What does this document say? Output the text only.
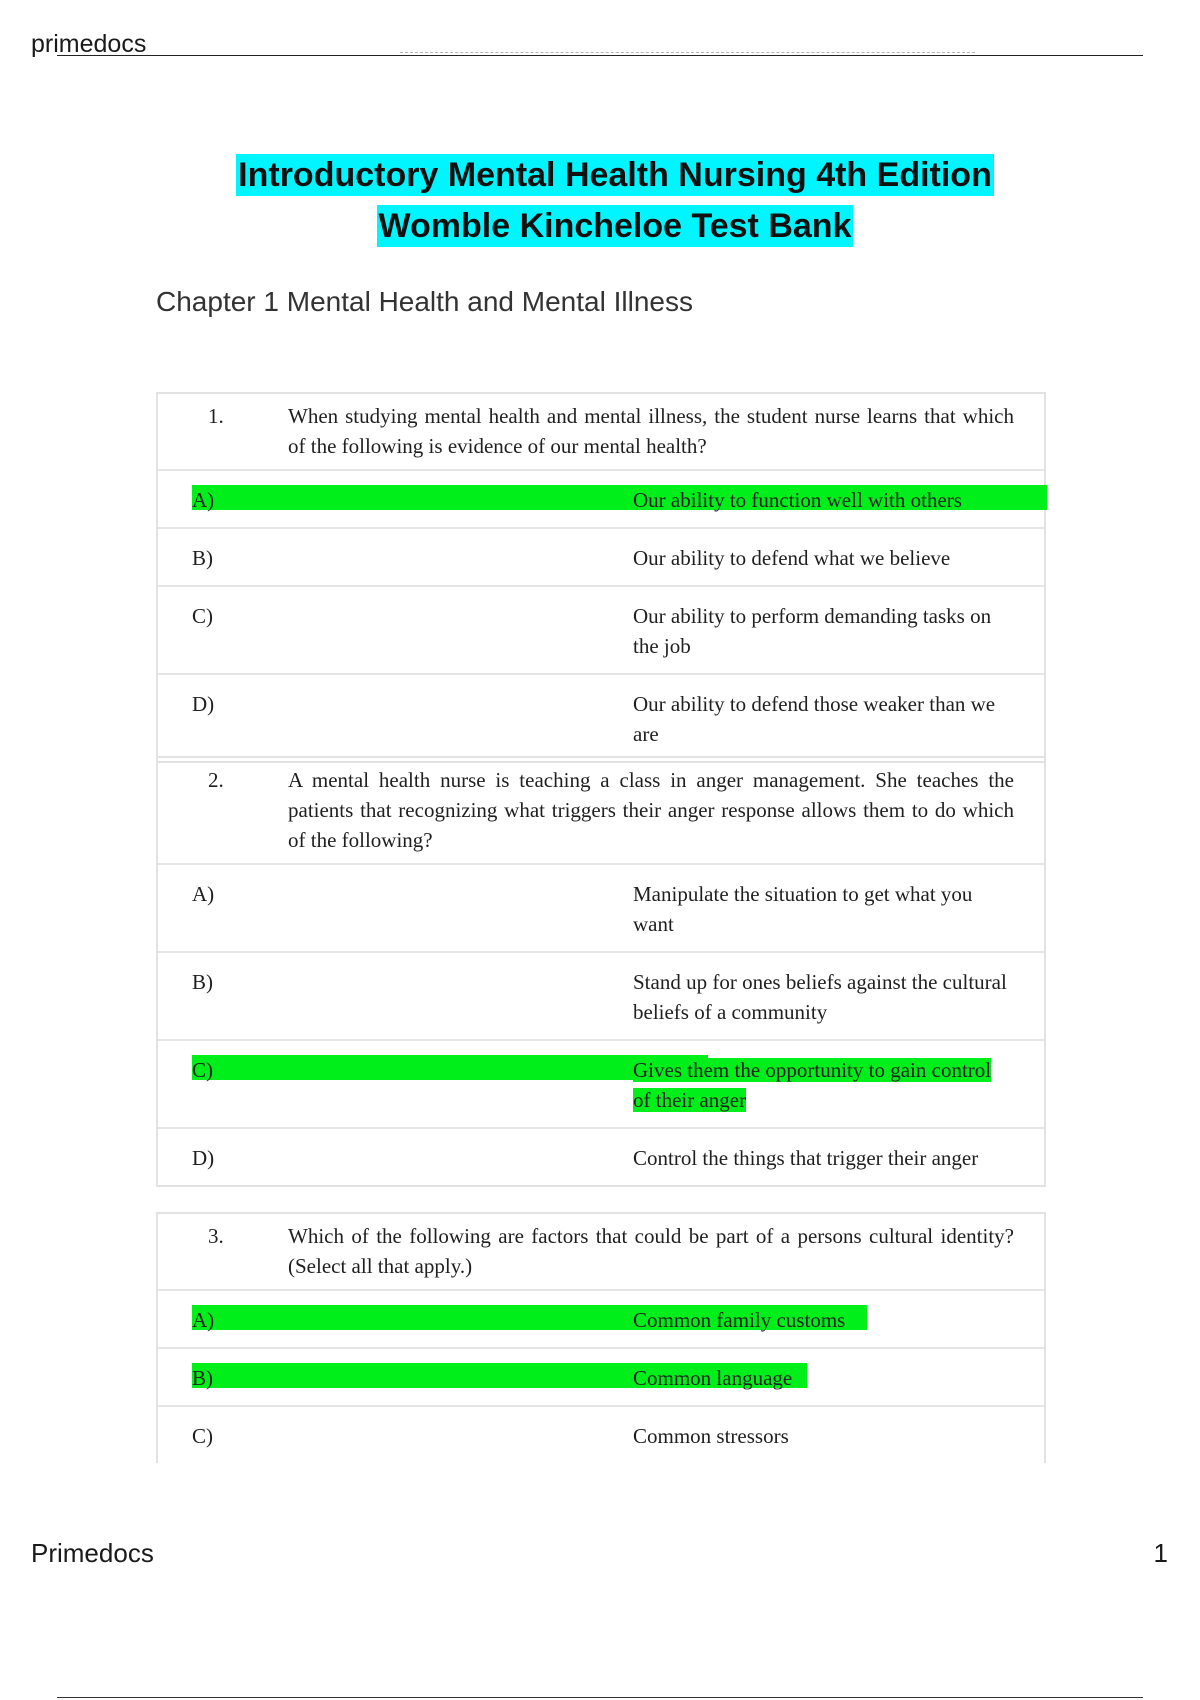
primedocs
Introductory Mental Health Nursing 4th Edition
Womble Kincheloe Test Bank
Chapter 1 Mental Health and Mental Illness
1.	When studying mental health and mental illness, the student nurse learns that which of the following is evidence of our mental health?
A)	Our ability to function well with others
B)	Our ability to defend what we believe
C)	Our ability to perform demanding tasks on the job
D)	Our ability to defend those weaker than we are
2.	A mental health nurse is teaching a class in anger management. She teaches the patients that recognizing what triggers their anger response allows them to do which of the following?
A)	Manipulate the situation to get what you want
B)	Stand up for ones beliefs against the cultural beliefs of a community
C)	Gives them the opportunity to gain control of their anger
D)	Control the things that trigger their anger
3.	Which of the following are factors that could be part of a persons cultural identity? (Select all that apply.)
A)	Common family customs
B)	Common language
C)	Common stressors
Primedocs	1
